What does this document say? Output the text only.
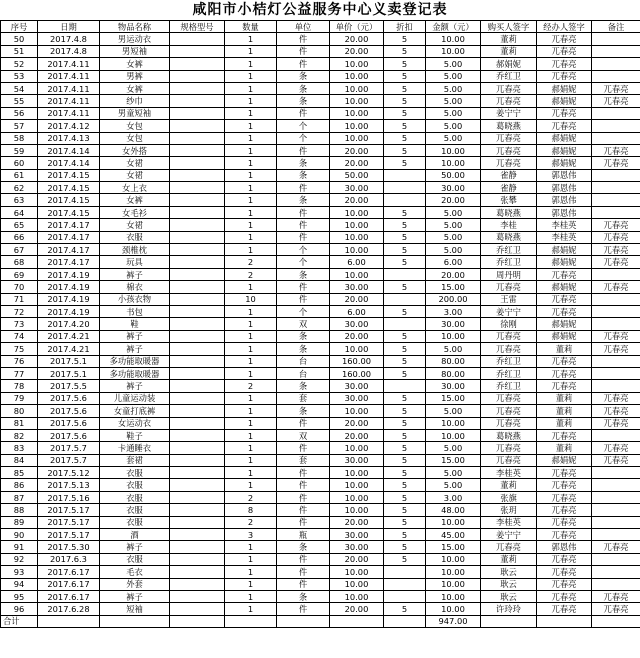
咸阳市小桔灯公益服务中心义卖登记表
序号	日期	物品名称	规格型号	数量	单位	单价（元）	折扣	金额（元）	购买人签字	经办人签字	备注
50	2017.4.8	男运动衣		1	件	20.00	5	10.00	董莉	兀春亮	
51	2017.4.8	男短袖		1	件	20.00	5	10.00	董莉	兀春亮	
52	2017.4.11	女裤		1	件	10.00	5	5.00	郝娟妮	兀春亮	
53	2017.4.11	男裤		1	条	10.00	5	5.00	乔红卫	兀春亮	
54	2017.4.11	女裤		1	条	10.00	5	5.00	兀春亮	郝娟妮	兀春亮
55	2017.4.11	纱巾		1	条	10.00	5	5.00	兀春亮	郝娟妮	兀春亮
56	2017.4.11	男童短袖		1	件	10.00	5	5.00	姜宁宁	兀春亮	
57	2017.4.12	女包		1	个	10.00	5	5.00	葛晓燕	兀春亮	
58	2017.4.13	女包		1	个	10.00	5	5.00	兀春亮	郝娟妮	
59	2017.4.14	女外搭		1	件	20.00	5	10.00	兀春亮	郝娟妮	兀春亮
60	2017.4.14	女裙		1	条	20.00	5	10.00	兀春亮	郝娟妮	兀春亮
61	2017.4.15	女裙		1	条	50.00		50.00	雀静	郭恩伟	
62	2017.4.15	女上衣		1	件	30.00		30.00	雀静	郭恩伟	
63	2017.4.15	女裤		1	条	20.00		20.00	张攀	郭恩伟	
64	2017.4.15	女毛衫		1	件	10.00	5	5.00	葛晓燕	郭恩伟	
65	2017.4.17	女裙		1	件	10.00	5	5.00	李桂	李桂英	兀春亮
66	2017.4.17	衣服		1	件	10.00	5	5.00	葛晓燕	李桂英	兀春亮
67	2017.4.17	颈椎枕		1	个	10.00	5	5.00	乔红卫	郝娟妮	兀春亮
68	2017.4.17	玩具		2	个	6.00	5	6.00	乔红卫	郝娟妮	兀春亮
69	2017.4.19	裤子		2	条	10.00		20.00	周丹明	兀春亮	
70	2017.4.19	棉衣		1	件	30.00	5	15.00	兀春亮	郝娟妮	兀春亮
71	2017.4.19	小孩衣物		10	件	20.00		200.00	王雷	兀春亮	
72	2017.4.19	书包		1	个	6.00	5	3.00	姜宁宁	兀春亮	
73	2017.4.20	鞋		1	双	30.00		30.00	徐刚	郝娟妮	
74	2017.4.21	裤子		1	条	20.00	5	10.00	兀春亮	郝娟妮	兀春亮
75	2017.4.21	裤子		1	条	10.00	5	5.00	兀春亮	董莉	兀春亮
76	2017.5.1	多功能取暖器		1	台	160.00	5	80.00	乔红卫	兀春亮	
77	2017.5.1	多功能取暖器		1	台	160.00	5	80.00	乔红卫	兀春亮	
78	2017.5.5	裤子		2	条	30.00		30.00	乔红卫	兀春亮	
79	2017.5.6	儿童运动装		1	套	30.00	5	15.00	兀春亮	董莉	兀春亮
80	2017.5.6	女童打底裤		1	条	10.00	5	5.00	兀春亮	董莉	兀春亮
81	2017.5.6	女运动衣		1	件	20.00	5	10.00	兀春亮	董莉	兀春亮
82	2017.5.6	鞋子		1	双	20.00	5	10.00	葛晓燕	兀春亮	
83	2017.5.7	卡通睡衣		1	件	10.00	5	5.00	兀春亮	董莉	兀春亮
84	2017.5.7	套裙		1	套	30.00	5	15.00	兀春亮	郝娟妮	兀春亮
85	2017.5.12	衣服		1	件	10.00	5	5.00	李桂英	兀春亮	
86	2017.5.13	衣服		1	件	10.00	5	5.00	董莉	兀春亮	
87	2017.5.16	衣服		2	件	10.00	5	3.00	张旗	兀春亮	
88	2017.5.17	衣服		8	件	10.00	5	48.00	张玥	兀春亮	
89	2017.5.17	衣服		2	件	20.00	5	10.00	李桂英	兀春亮	
90	2017.5.17	酒		3	瓶	30.00	5	45.00	姜宁宁	兀春亮	
91	2017.5.30	裤子		1	条	30.00	5	15.00	兀春亮	郭恩伟	兀春亮
92	2017.6.3	衣服		1	件	20.00	5	10.00	董莉	兀春亮	
93	2017.6.17	毛衣		1	件	10.00		10.00	耿云	兀春亮	
94	2017.6.17	外套		1	件	10.00		10.00	耿云	兀春亮	
95	2017.6.17	裤子		1	条	10.00		10.00	耿云	兀春亮	兀春亮
96	2017.6.28	短袖		1	件	20.00	5	10.00	许玲玲	兀春亮	兀春亮
合计								947.00			
